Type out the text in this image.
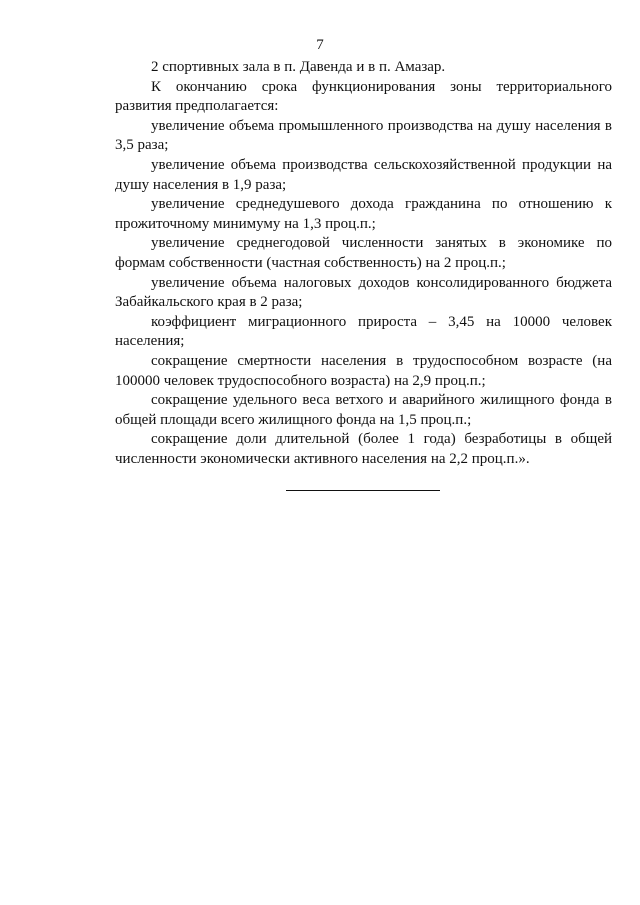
7

2 спортивных зала в п. Давенда и в п. Амазар.

К окончанию срока функционирования зоны территориального развития предполагается:

увеличение объема промышленного производства на душу населения в 3,5 раза;

увеличение объема производства сельскохозяйственной продукции на душу населения в 1,9 раза;

увеличение среднедушевого дохода гражданина по отношению к прожиточному минимуму на 1,3 проц.п.;

увеличение среднегодовой численности занятых в экономике по формам собственности (частная собственность) на 2 проц.п.;

увеличение объема налоговых доходов консолидированного бюджета Забайкальского края в 2 раза;

коэффициент миграционного прироста – 3,45 на 10000 человек населения;

сокращение смертности населения в трудоспособном возрасте (на 100000 человек трудоспособного возраста) на 2,9 проц.п.;

сокращение удельного веса ветхого и аварийного жилищного фонда в общей площади всего жилищного фонда на 1,5 проц.п.;

сокращение доли длительной (более 1 года) безработицы в общей численности экономически активного населения на 2,2 проц.п.».
